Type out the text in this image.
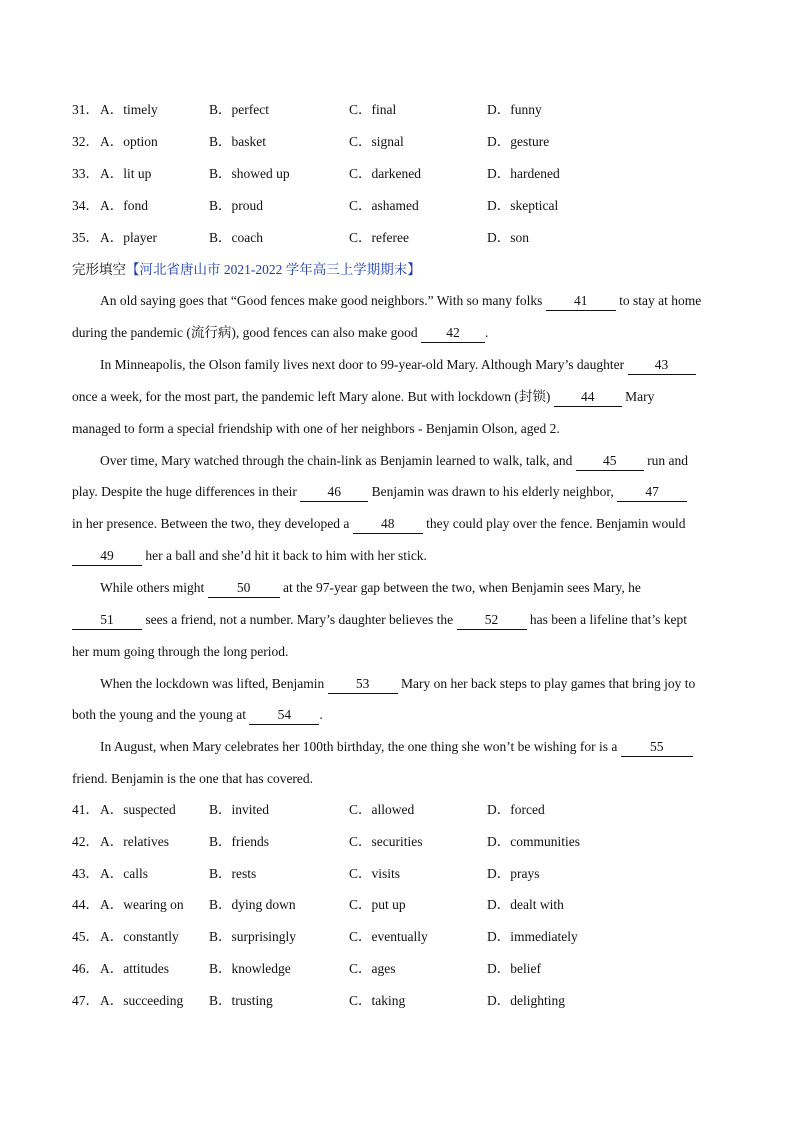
31． A．timely	B．perfect	C．final	D．funny
32． A．option	B．basket	C．signal	D．gesture
33． A．lit up	B．showed up	C．darkened	D．hardened
34． A．fond	B．proud	C．ashamed	D．skeptical
35． A．player	B．coach	C．referee	D．son
完形填空【河北省唐山市 2021-2022 学年高三上学期期末】
An old saying goes that “Good fences make good neighbors.” With so many folks 41 to stay at home
during the pandemic (流行病), good fences can also make good 42 .
In Minneapolis, the Olson family lives next door to 99-year-old Mary. Although Mary’s daughter 43
once a week, for the most part, the pandemic left Mary alone. But with lockdown (封锁) 44 Mary
managed to form a special friendship with one of her neighbors - Benjamin Olson, aged 2.
Over time, Mary watched through the chain-link as Benjamin learned to walk, talk, and 45 run and
play. Despite the huge differences in their 46 Benjamin was drawn to his elderly neighbor, 47
in her presence. Between the two, they developed a 48 they could play over the fence. Benjamin would
49 her a ball and she’d hit it back to him with her stick.
While others might 50 at the 97-year gap between the two, when Benjamin sees Mary, he
51 sees a friend, not a number. Mary’s daughter believes the 52 has been a lifeline that’s kept
her mum going through the long period.
When the lockdown was lifted, Benjamin 53 Mary on her back steps to play games that bring joy to
both the young and the young at 54 .
In August, when Mary celebrates her 100th birthday, the one thing she won’t be wishing for is a 55
friend. Benjamin is the one that has covered.
41． A．suspected B．invited	C．allowed	D．forced
42． A．relatives	B．friends	C．securities	D．communities
43． A．calls	B．rests	C．visits	D．prays
44． A．wearing on B．dying down	C．put up	D．dealt with
45． A．constantly B．surprisingly	C．eventually	D．immediately
46． A．attitudes	B．knowledge	C．ages	D．belief
47． A．succeeding B．trusting	C．taking	D．delighting
